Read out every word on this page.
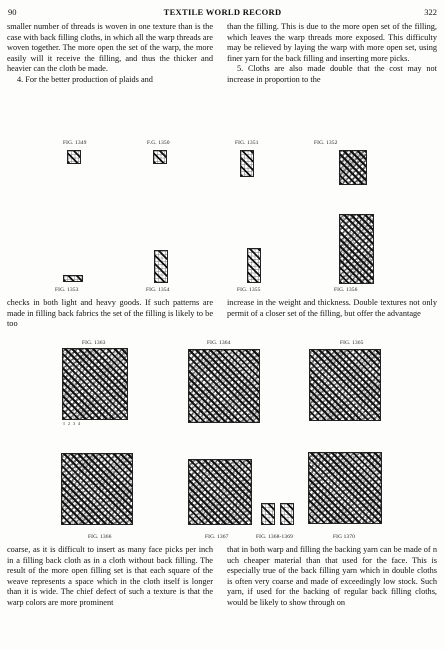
90	TEXTILE WORLD RECORD	322

smaller number of threads is woven in one texture than is the case with back filling cloths, in which all the warp threads are woven together. The more open the set of the warp, the more easily will it receive the filling, and thus the thicker and heavier can the cloth be made.

4. For the better production of plaids and

than the filling. This is due to the more open set of the filling, which leaves the warp threads more exposed. This difficulty may be relieved by laying the warp with more open set, using finer yarn for the back filling and inserting more picks.

5. Cloths are also made double that the cost may not increase in proportion to the

FIG. 1349	F.G. 1350	FIG. 1351	FIG. 1352
FIG. 1353	FIG. 1354	FIG. 1355	FIG. 1356
checks in both light and heavy goods. If such patterns are made in filling back fabrics the set of the filling is likely to be too
increase in the weight and thickness. Double textures not only permit of a closer set of the filling, but offer the advantage
FIG. 1363	FIG. 1364	FIG. 1365
1 2 3 4
FIG. 1366	FIG. 1367	FIG. 1368-1369	FIG 1370
coarse, as it is difficult to insert as many face picks per inch in a filling back cloth as in a cloth without back filling. The result of the more open filling set is that each square of the weave represents a space which in the cloth itself is longer than it is wide. The chief defect of such a texture is that the warp colors are more prominent
that in both warp and filling the backing yarn can be made of n uch cheaper material than that used for the face. This is especially true of the back filling yarn which in double cloths is often very coarse and made of exceedingly low stock. Such yarn, if used for the backing of regular back filling cloths, would be likely to show through on
